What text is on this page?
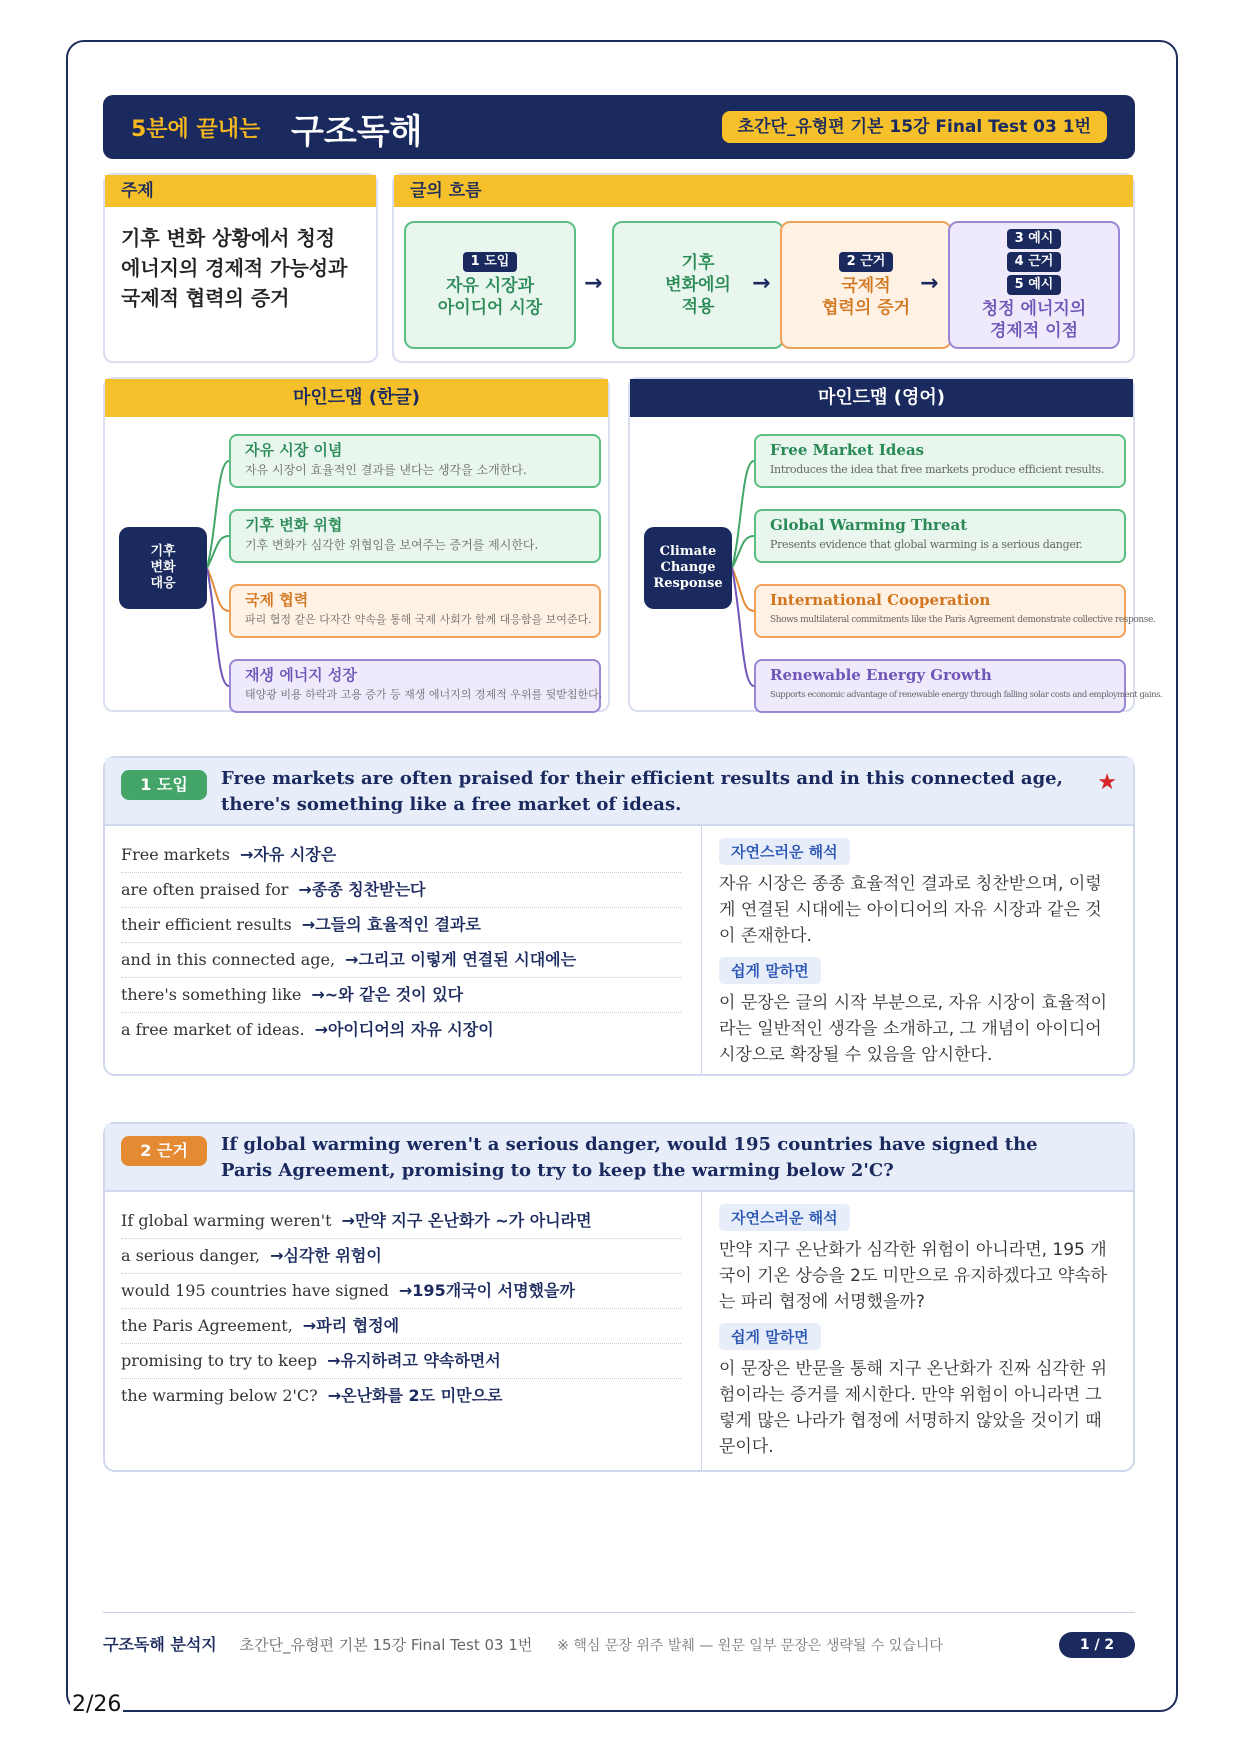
5분에 끝내는 구조독해	초간단_유형편 기본 15강 Final Test 03 1번
주제
기후 변화 상황에서 청정 에너지의 경제적 가능성과 국제적 협력의 증거
글의 흐름
1 도입
자유 시장과
아이디어 시장
→
기후
변화에의
적용
→
2 근거
국제적
협력의 증거
→
3 예시
4 근거
5 예시
청정 에너지의
경제적 이점
마인드맵 (한글)
기후
변화
대응
자유 시장 이념
자유 시장이 효율적인 결과를 낸다는 생각을 소개한다.
기후 변화 위협
기후 변화가 심각한 위협임을 보여주는 증거를 제시한다.
국제 협력
파리 협정 같은 다자간 약속을 통해 국제 사회가 함께 대응함을 보여준다.
재생 에너지 성장
태양광 비용 하락과 고용 증가 등 재생 에너지의 경제적 우위를 뒷받침한다.
마인드맵 (영어)
Climate
Change
Response
Free Market Ideas
Introduces the idea that free markets produce efficient results.
Global Warming Threat
Presents evidence that global warming is a serious danger.
International Cooperation
Shows multilateral commitments like the Paris Agreement demonstrate collective response.
Renewable Energy Growth
Supports economic advantage of renewable energy through falling solar costs and employment gains.
1 도입	Free markets are often praised for their efficient results and in this connected age, there's something like a free market of ideas.
★
Free markets →자유 시장은
are often praised for →종종 칭찬받는다
their efficient results →그들의 효율적인 결과로
and in this connected age, →그리고 이렇게 연결된 시대에는
there's something like →~와 같은 것이 있다
a free market of ideas. →아이디어의 자유 시장이
자연스러운 해석
자유 시장은 종종 효율적인 결과로 칭찬받으며, 이렇게 연결된 시대에는 아이디어의 자유 시장과 같은 것이 존재한다.
쉽게 말하면
이 문장은 글의 시작 부분으로, 자유 시장이 효율적이라는 일반적인 생각을 소개하고, 그 개념이 아이디어 시장으로 확장될 수 있음을 암시한다.
2 근거	If global warming weren't a serious danger, would 195 countries have signed the Paris Agreement, promising to try to keep the warming below 2'C?
If global warming weren't →만약 지구 온난화가 ~가 아니라면
a serious danger, →심각한 위험이
would 195 countries have signed →195개국이 서명했을까
the Paris Agreement, →파리 협정에
promising to try to keep →유지하려고 약속하면서
the warming below 2'C? →온난화를 2도 미만으로
자연스러운 해석
만약 지구 온난화가 심각한 위험이 아니라면, 195 개국이 기온 상승을 2도 미만으로 유지하겠다고 약속하는 파리 협정에 서명했을까?
쉽게 말하면
이 문장은 반문을 통해 지구 온난화가 진짜 심각한 위험이라는 증거를 제시한다. 만약 위험이 아니라면 그렇게 많은 나라가 협정에 서명하지 않았을 것이기 때문이다.
구조독해 분석지 초간단_유형편 기본 15강 Final Test 03 1번 ※ 핵심 문장 위주 발췌 — 원문 일부 문장은 생략될 수 있습니다	1 / 2
2/26
